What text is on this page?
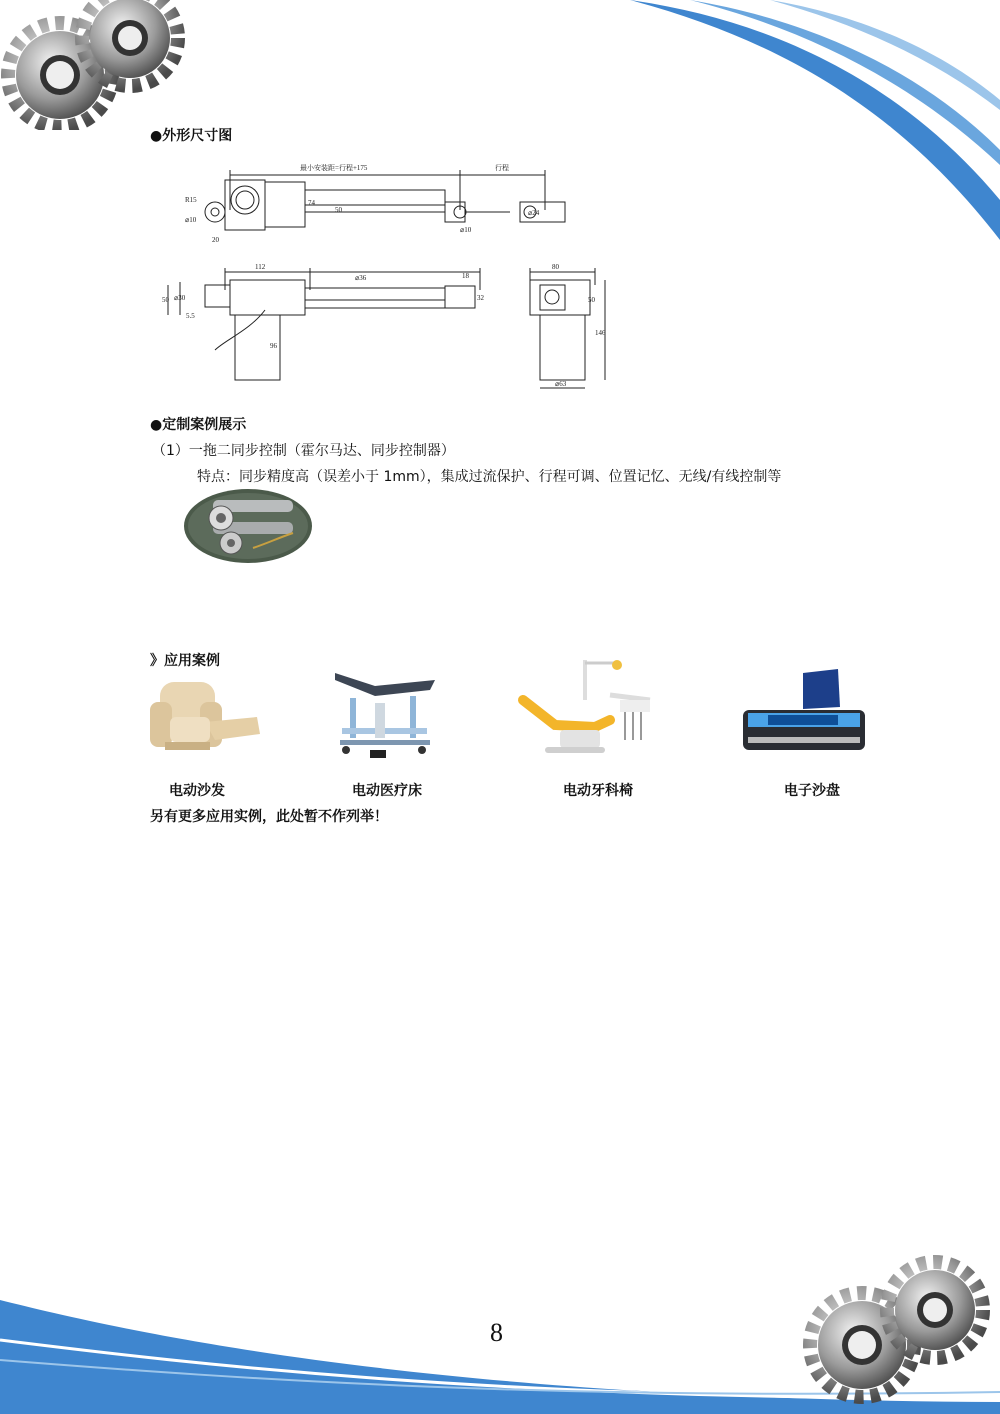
●外形尺寸图
最小安装距=行程+175	行程
R15
⌀10
20
74
50
⌀10
⌀24
112
⌀36	18
50 ⌀30
5.5
96
32
80
50
146
⌀63
●定制案例展示
（1）一拖二同步控制（霍尔马达、同步控制器）
特点：同步精度高（误差小于 1mm），集成过流保护、行程可调、位置记忆、无线/有线控制等
》应用案例
电动沙发	电动医疗床	电动牙科椅	电子沙盘
另有更多应用实例，此处暂不作列举！
8
